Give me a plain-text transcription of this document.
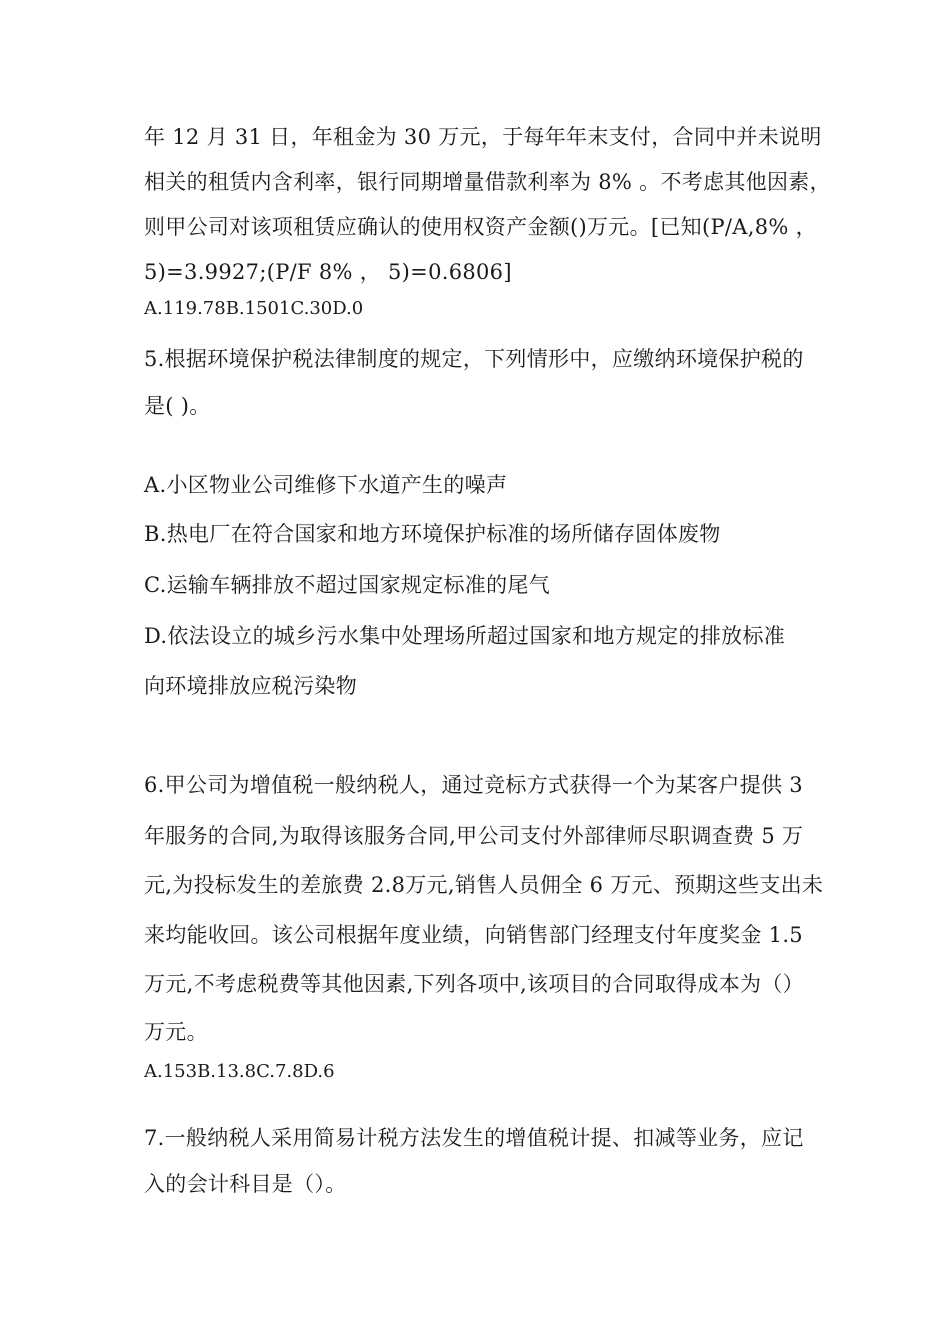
年 12 月 31 日，年租金为 30 万元，于每年年末支付，合同中并未说明
相关的租赁内含利率，银行同期增量借款利率为 8% 。不考虑其他因素，
则甲公司对该项租赁应确认的使用权资产金额()万元。[已知(P/A,8% ，
5)=3.9927;(P/F 8% ， 5)=0.6806]
A.119.78B.1501C.30D.0
5.根据环境保护税法律制度的规定，下列情形中，应缴纳环境保护税的
是( )。
A.小区物业公司维修下水道产生的噪声
B.热电厂在符合国家和地方环境保护标准的场所储存固体废物
C.运输车辆排放不超过国家规定标准的尾气
D.依法设立的城乡污水集中处理场所超过国家和地方规定的排放标准
向环境排放应税污染物
6.甲公司为增值税一般纳税人，通过竞标方式获得一个为某客户提供 3
年服务的合同,为取得该服务合同,甲公司支付外部律师尽职调查费 5 万
元,为投标发生的差旅费 2.8万元,销售人员佣全 6 万元、预期这些支出未
来均能收回。该公司根据年度业绩，向销售部门经理支付年度奖金 1.5
万元,不考虑税费等其他因素,下列各项中,该项目的合同取得成本为（）
万元。
A.153B.13.8C.7.8D.6
7.一般纳税人采用简易计税方法发生的增值税计提、扣减等业务，应记
入的会计科目是（）。
